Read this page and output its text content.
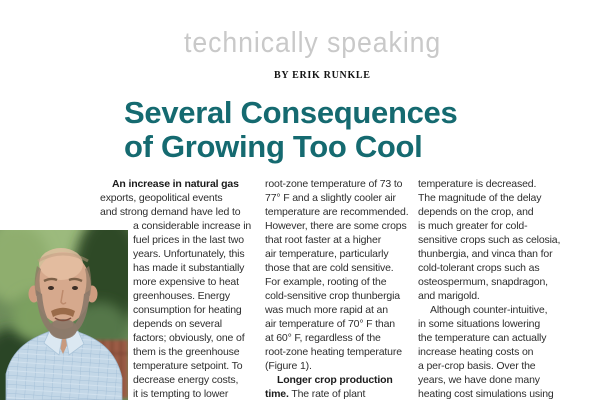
technically speaking
BY ERIK RUNKLE
Several Consequences
of Growing Too Cool
An increase in natural gas
exports, geopolitical events
and strong demand have led to
a considerable increase in
fuel prices in the last two
years. Unfortunately, this
has made it substantially
more expensive to heat
greenhouses. Energy
consumption for heating
depends on several
factors; obviously, one of
them is the greenhouse
temperature setpoint. To
decrease energy costs,
it is tempting to lower
root-zone temperature of 73 to
77° F and a slightly cooler air
temperature are recommended.
However, there are some crops
that root faster at a higher
air temperature, particularly
those that are cold sensitive.
For example, rooting of the
cold-sensitive crop thunbergia
was much more rapid at an
air temperature of 70° F than
at 60° F, regardless of the
root-zone heating temperature
(Figure 1).
Longer crop production
time. The rate of plant
temperature is decreased.
The magnitude of the delay
depends on the crop, and
is much greater for cold-
sensitive crops such as celosia,
thunbergia, and vinca than for
cold-tolerant crops such as
osteospermum, snapdragon,
and marigold.
Although counter-intuitive,
in some situations lowering
the temperature can actually
increase heating costs on
a per-crop basis. Over the
years, we have done many
heating cost simulations using
